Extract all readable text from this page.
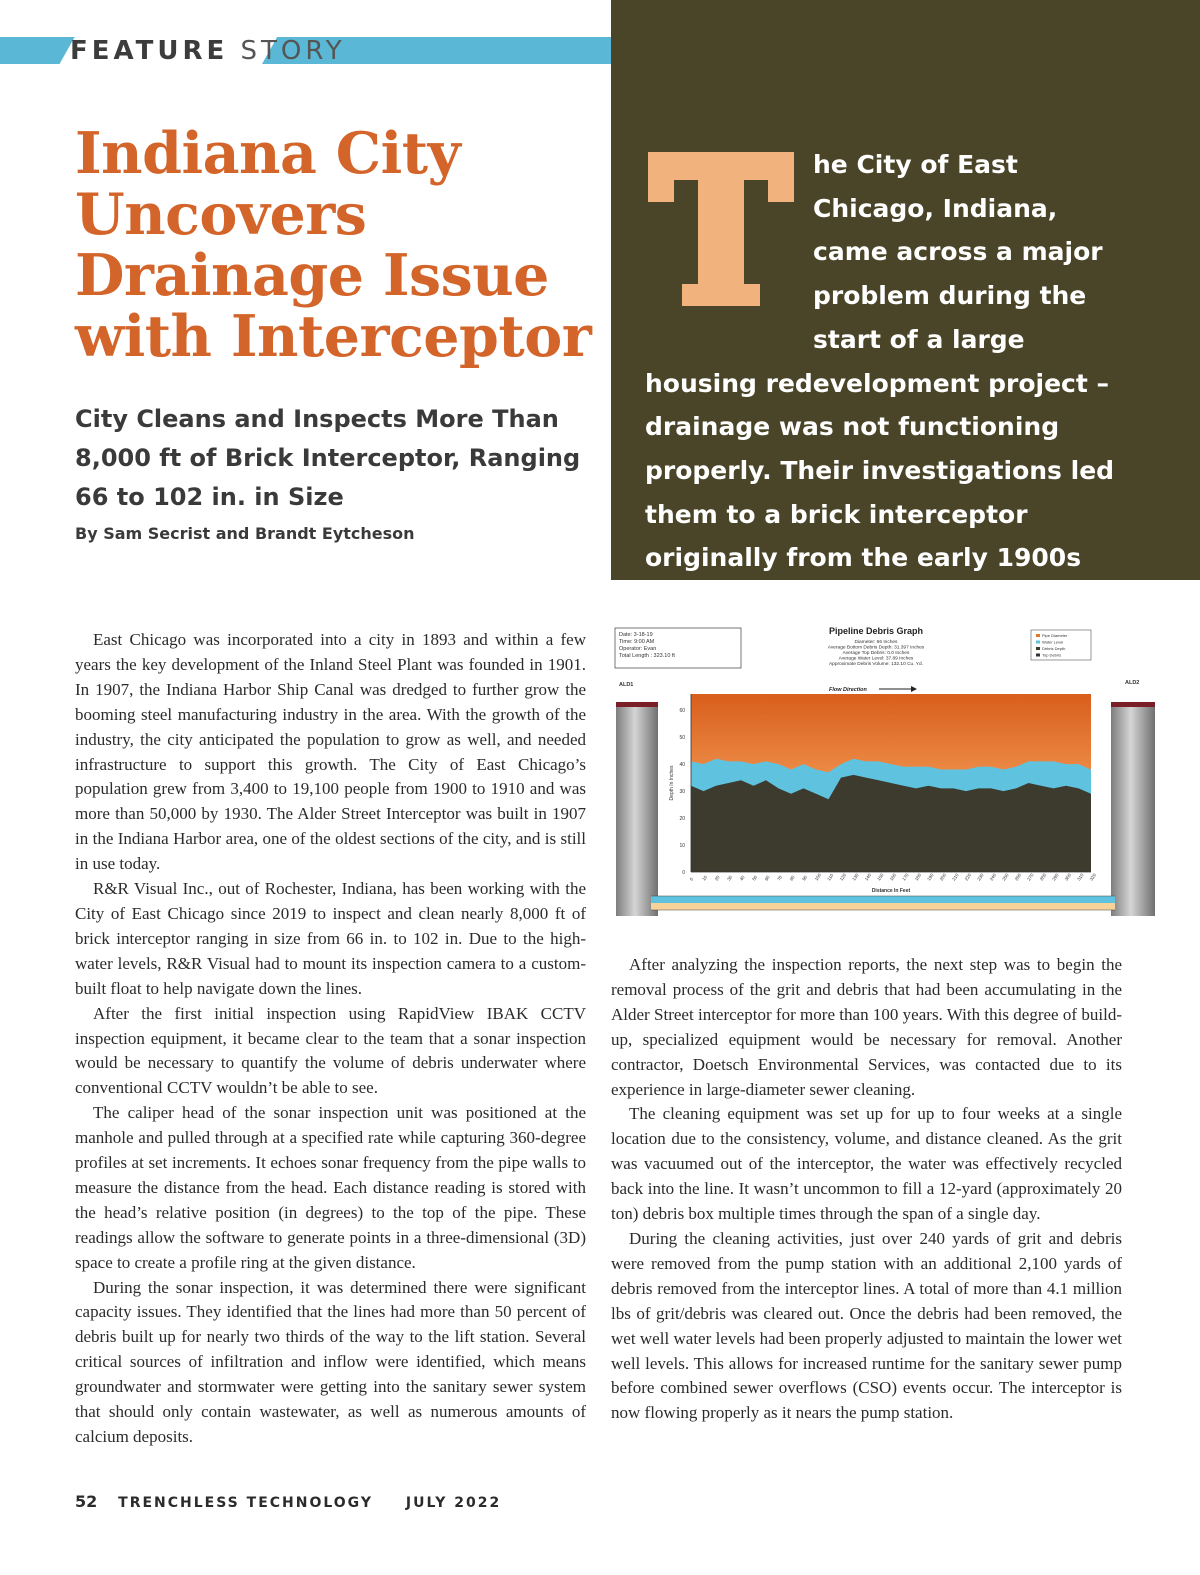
FEATURE STORY
Indiana City Uncovers Drainage Issue with Interceptor
City Cleans and Inspects More Than 8,000 ft of Brick Interceptor, Ranging 66 to 102 in. in Size
By Sam Secrist and Brandt Eytcheson

he City of East Chicago, Indiana, came across a major problem during the start of a large housing redevelopment project – drainage was not functioning properly. Their investigations led them to a brick interceptor originally from the early 1900s that was at or near capacity.

East Chicago was incorporated into a city in 1893 and within a few years the key development of the Inland Steel Plant was founded in 1901. In 1907, the Indiana Harbor Ship Canal was dredged to further grow the booming steel manufacturing industry in the area. With the growth of the industry, the city anticipated the population to grow as well, and needed infrastructure to support this growth. The City of East Chicago’s population grew from 3,400 to 19,100 people from 1900 to 1910 and was more than 50,000 by 1930. The Alder Street Interceptor was built in 1907 in the Indiana Harbor area, one of the oldest sections of the city, and is still in use today.

R&R Visual Inc., out of Rochester, Indiana, has been working with the City of East Chicago since 2019 to inspect and clean nearly 8,000 ft of brick interceptor ranging in size from 66 in. to 102 in. Due to the high-water levels, R&R Visual had to mount its inspection camera to a custom-built float to help navigate down the lines.

After the first initial inspection using RapidView IBAK CCTV inspection equipment, it became clear to the team that a sonar inspection would be necessary to quantify the volume of debris underwater where conventional CCTV wouldn’t be able to see.

The caliper head of the sonar inspection unit was positioned at the manhole and pulled through at a specified rate while capturing 360-degree profiles at set increments. It echoes sonar frequency from the pipe walls to measure the distance from the head. Each distance reading is stored with the head’s relative position (in degrees) to the top of the pipe. These readings allow the software to generate points in a three-dimensional (3D) space to create a profile ring at the given distance.

During the sonar inspection, it was determined there were significant capacity issues. They identified that the lines had more than 50 percent of debris built up for nearly two thirds of the way to the lift station. Several critical sources of infiltration and inflow were identified, which means groundwater and stormwater were getting into the sanitary sewer system that should only contain wastewater, as well as numerous amounts of calcium deposits.

Date: 3-18-19
Time: 9:00 AM
Operator: Evan
Total Length : 323.10 ft
Pipeline Debris Graph
Diameter: 66 Inches
Average Bottom Debris Depth: 31.397 Inches
Average Top Debris: 0.0 Inches
Average Water Level: 37.89 Inches
Approximate Debris Volume: 132.10 Cu. Yd.
Pipe Diameter
Water Level
Debris Depth
Top Debris
ALD1	ALD2
Flow Direction
0
10
20
30
40
50
60
Depth In Inches
0 10 20 30 40 50 60 70 80 90 100 110 120 130 140 150 160 170 180 190 200 210 220 230 240 250 260 270 280 290 300 310 320
Distance In Feet

After analyzing the inspection reports, the next step was to begin the removal process of the grit and debris that had been accumulating in the Alder Street interceptor for more than 100 years. With this degree of build-up, specialized equipment would be necessary for removal. Another contractor, Doetsch Environmental Services, was contacted due to its experience in large-diameter sewer cleaning.

The cleaning equipment was set up for up to four weeks at a single location due to the consistency, volume, and distance cleaned. As the grit was vacuumed out of the interceptor, the water was effectively recycled back into the line. It wasn’t uncommon to fill a 12-yard (approximately 20 ton) debris box multiple times through the span of a single day.

During the cleaning activities, just over 240 yards of grit and debris were removed from the pump station with an additional 2,100 yards of debris removed from the interceptor lines. A total of more than 4.1 million lbs of grit/debris was cleared out. Once the debris had been removed, the wet well water levels had been properly adjusted to maintain the lower wet well levels. This allows for increased runtime for the sanitary sewer pump before combined sewer overflows (CSO) events occur. The interceptor is now flowing properly as it nears the pump station.

52 TRENCHLESS TECHNOLOGY JULY 2022
